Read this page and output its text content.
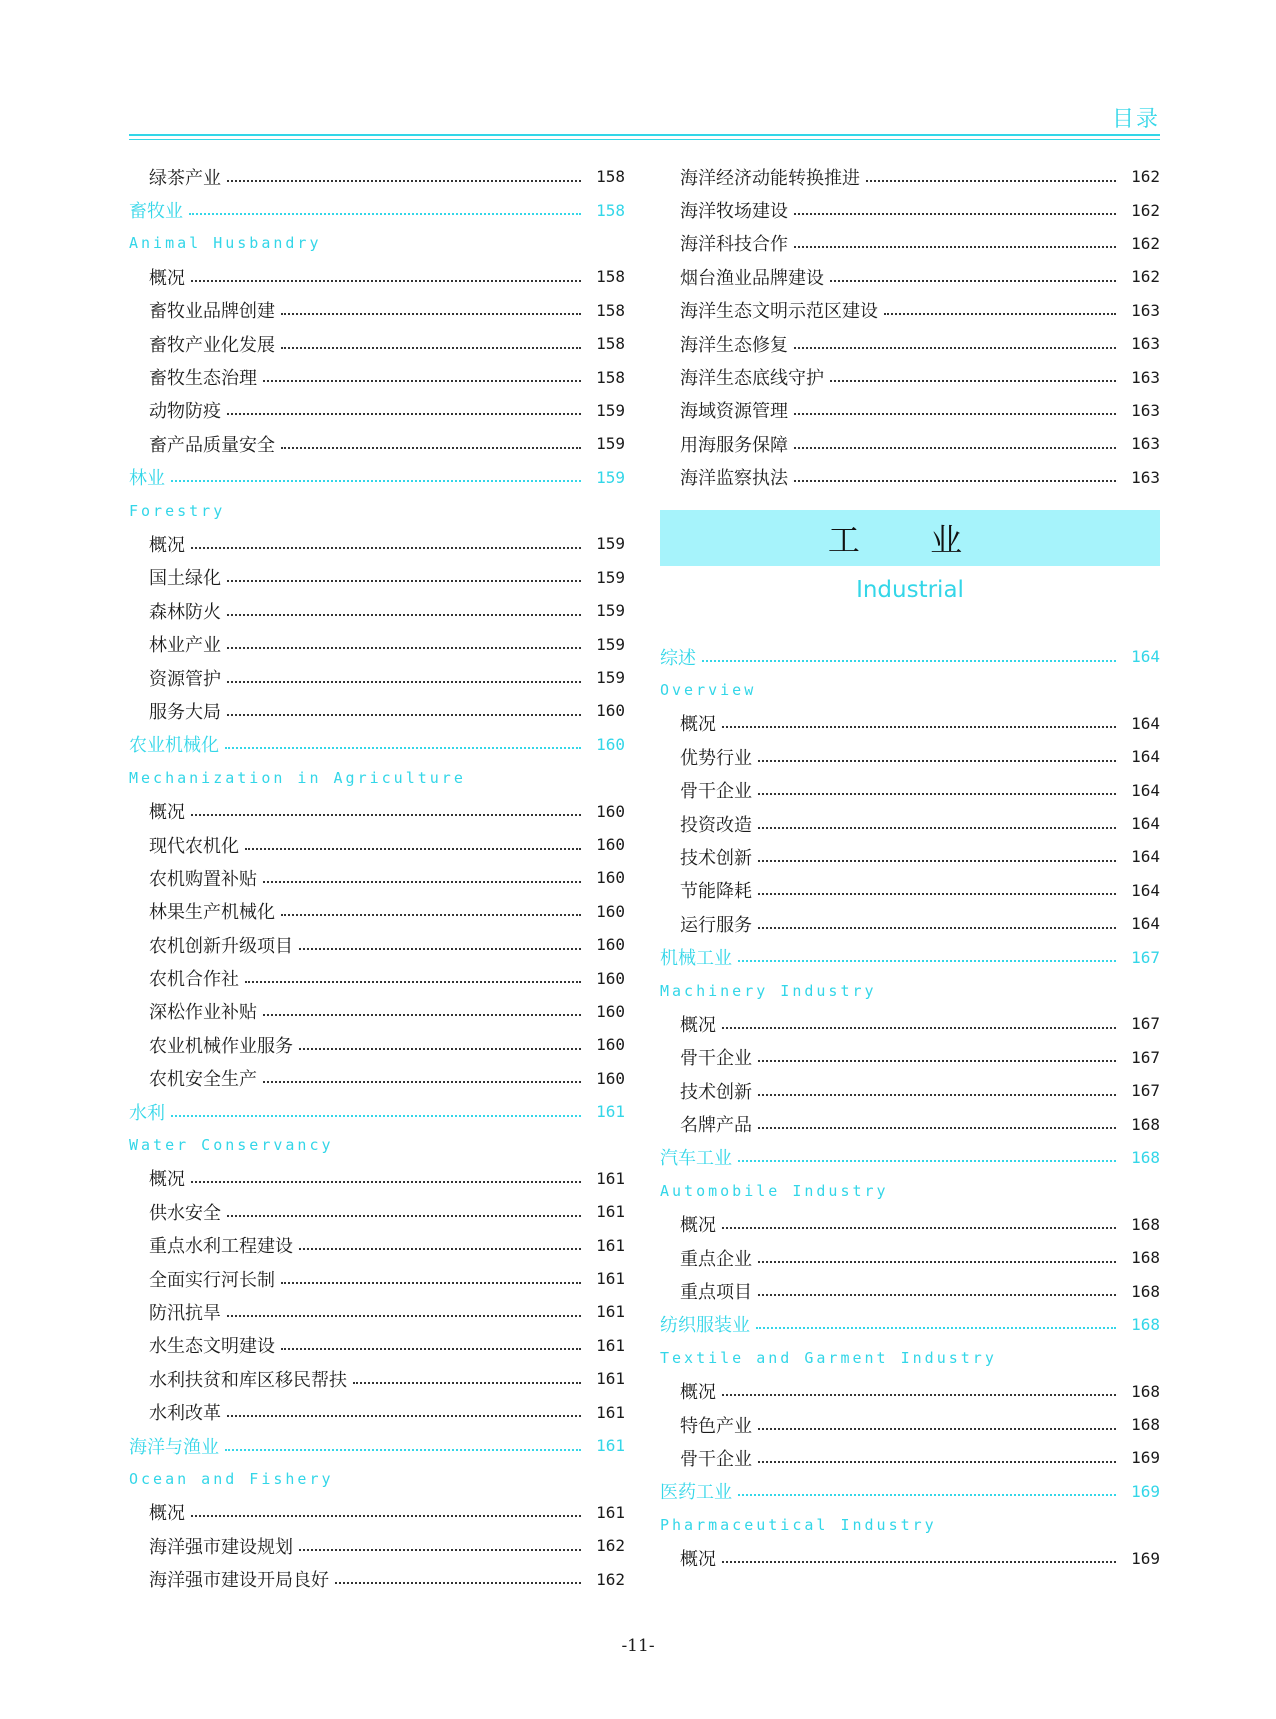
目录
绿茶产业	158
畜牧业	158
Animal Husbandry
概况	158
畜牧业品牌创建	158
畜牧产业化发展	158
畜牧生态治理	158
动物防疫	159
畜产品质量安全	159
林业	159
Forestry
概况	159
国土绿化	159
森林防火	159
林业产业	159
资源管护	159
服务大局	160
农业机械化	160
Mechanization in Agriculture
概况	160
现代农机化	160
农机购置补贴	160
林果生产机械化	160
农机创新升级项目	160
农机合作社	160
深松作业补贴	160
农业机械作业服务	160
农机安全生产	160
水利	161
Water Conservancy
概况	161
供水安全	161
重点水利工程建设	161
全面实行河长制	161
防汛抗旱	161
水生态文明建设	161
水利扶贫和库区移民帮扶	161
水利改革	161
海洋与渔业	161
Ocean and Fishery
概况	161
海洋强市建设规划	162
海洋强市建设开局良好	162
海洋经济动能转换推进	162
海洋牧场建设	162
海洋科技合作	162
烟台渔业品牌建设	162
海洋生态文明示范区建设	163
海洋生态修复	163
海洋生态底线守护	163
海域资源管理	163
用海服务保障	163
海洋监察执法	163
工 业
Industrial
综述	164
Overview
概况	164
优势行业	164
骨干企业	164
投资改造	164
技术创新	164
节能降耗	164
运行服务	164
机械工业	167
Machinery Industry
概况	167
骨干企业	167
技术创新	167
名牌产品	168
汽车工业	168
Automobile Industry
概况	168
重点企业	168
重点项目	168
纺织服装业	168
Textile and Garment Industry
概况	168
特色产业	168
骨干企业	169
医药工业	169
Pharmaceutical Industry
概况	169
-11-
